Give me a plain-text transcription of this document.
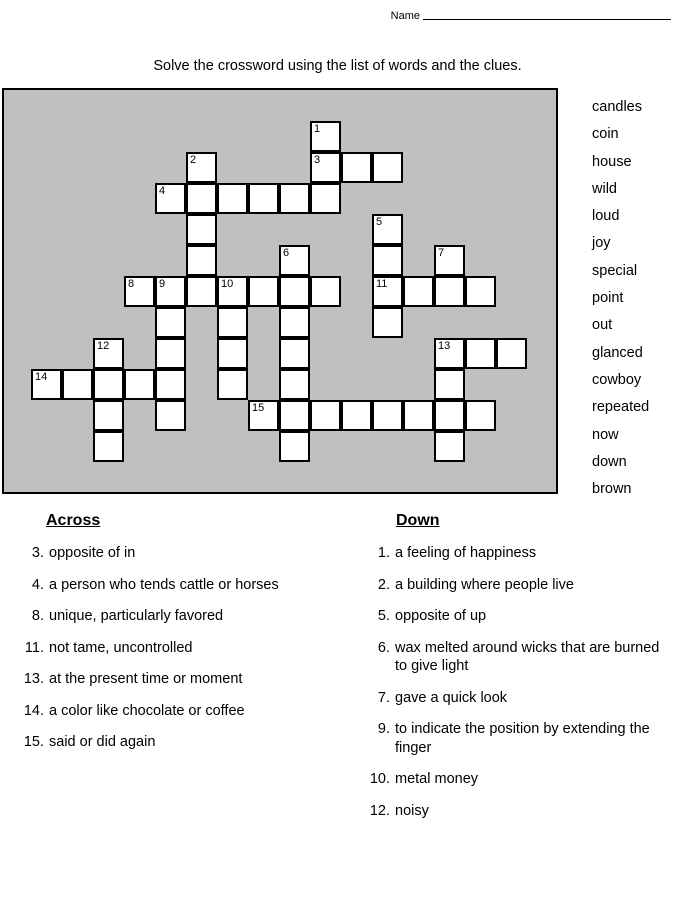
Name
Solve the crossword using the list of words and the clues.
1
2	3
4
5
6	7
8 9	10	11
12	13
14
15
candles
coin
house
wild
loud
joy
special
point
out
glanced
cowboy
repeated
now
down
brown
Across
3. opposite of in
4. a person who tends cattle or horses
8. unique, particularly favored
11. not tame, uncontrolled
13. at the present time or moment
14. a color like chocolate or coffee
15. said or did again
Down
1. a feeling of happiness
2. a building where people live
5. opposite of up
6. wax melted around wicks that are burned to give light
7. gave a quick look
9. to indicate the position by extending the finger
10. metal money
12. noisy
